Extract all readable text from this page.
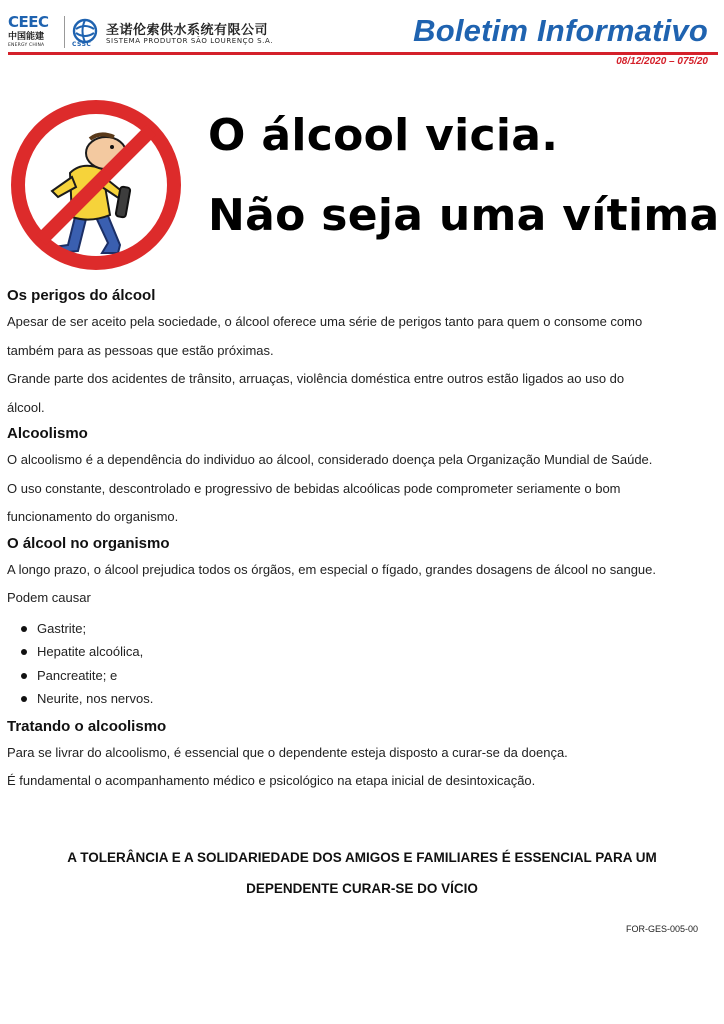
CEEC
中国能建
ENERGY CHINA	CSSC
圣诺伦索供水系统有限公司
SISTEMA PRODUTOR SÃO LOURENÇO S.A.	Boletim Informativo
08/12/2020 – 075/20
O álcool vicia.
Não seja uma vítima
Os perigos do álcool

Apesar de ser aceito pela sociedade, o álcool oferece uma série de perigos tanto para quem o consome como

também para as pessoas que estão próximas.

Grande parte dos acidentes de trânsito, arruaças, violência doméstica entre outros estão ligados ao uso do

álcool.

Alcoolismo

O alcoolismo é a dependência do individuo ao álcool, considerado doença pela Organização Mundial de Saúde.

O uso constante, descontrolado e progressivo de bebidas alcoólicas pode comprometer seriamente o bom

funcionamento do organismo.

O álcool no organismo

A longo prazo, o álcool prejudica todos os órgãos, em especial o fígado, grandes dosagens de álcool no sangue.

Podem causar

Gastrite;
Hepatite alcoólica,
Pancreatite; e
Neurite, nos nervos.
Tratando o alcoolismo

Para se livrar do alcoolismo, é essencial que o dependente esteja disposto a curar-se da doença.

É fundamental o acompanhamento médico e psicológico na etapa inicial de desintoxicação.

A TOLERÂNCIA E A SOLIDARIEDADE DOS AMIGOS E FAMILIARES É ESSENCIAL PARA UM
DEPENDENTE CURAR-SE DO VÍCIO
FOR-GES-005-00
